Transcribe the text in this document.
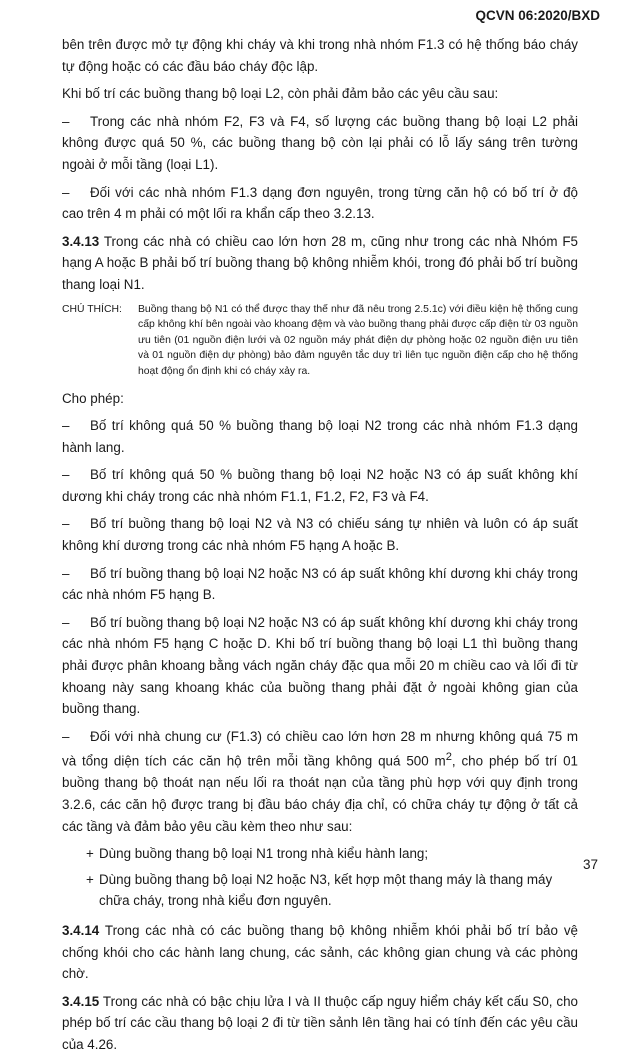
QCVN 06:2020/BXD

bên trên được mở tự động khi cháy và khi trong nhà nhóm F1.3 có hệ thống báo cháy tự động hoặc có các đầu báo cháy độc lập.

Khi bố trí các buồng thang bộ loại L2, còn phải đảm bảo các yêu cầu sau:

– Trong các nhà nhóm F2, F3 và F4, số lượng các buồng thang bộ loại L2 phải không được quá 50 %, các buồng thang bộ còn lại phải có lỗ lấy sáng trên tường ngoài ở mỗi tầng (loại L1).

– Đối với các nhà nhóm F1.3 dạng đơn nguyên, trong từng căn hộ có bố trí ở độ cao trên 4 m phải có một lối ra khẩn cấp theo 3.2.13.

3.4.13 Trong các nhà có chiều cao lớn hơn 28 m, cũng như trong các nhà Nhóm F5 hạng A hoặc B phải bố trí buồng thang bộ không nhiễm khói, trong đó phải bố trí buồng thang loại N1.

CHÚ THÍCH:	Buồng thang bộ N1 có thể được thay thế như đã nêu trong 2.5.1c) với điều kiện hệ thống cung cấp không khí bên ngoài vào khoang đệm và vào buồng thang phải được cấp điện từ 03 nguồn ưu tiên (01 nguồn điện lưới và 02 nguồn máy phát điện dự phòng hoặc 02 nguồn điện ưu tiên và 01 nguồn điện dự phòng) bảo đảm nguyên tắc duy trì liên tục nguồn điện cấp cho hệ thống hoạt động ổn định khi có cháy xảy ra.

Cho phép:

– Bố trí không quá 50 % buồng thang bộ loại N2 trong các nhà nhóm F1.3 dạng hành lang.

– Bố trí không quá 50 % buồng thang bộ loại N2 hoặc N3 có áp suất không khí dương khi cháy trong các nhà nhóm F1.1, F1.2, F2, F3 và F4.

– Bố trí buồng thang bộ loại N2 và N3 có chiếu sáng tự nhiên và luôn có áp suất không khí dương trong các nhà nhóm F5 hạng A hoặc B.

– Bố trí buồng thang bộ loại N2 hoặc N3 có áp suất không khí dương khi cháy trong các nhà nhóm F5 hạng B.

– Bố trí buồng thang bộ loại N2 hoặc N3 có áp suất không khí dương khi cháy trong các nhà nhóm F5 hạng C hoặc D. Khi bố trí buồng thang bộ loại L1 thì buồng thang phải được phân khoang bằng vách ngăn cháy đặc qua mỗi 20 m chiều cao và lối đi từ khoang này sang khoang khác của buồng thang phải đặt ở ngoài không gian của buồng thang.

– Đối với nhà chung cư (F1.3) có chiều cao lớn hơn 28 m nhưng không quá 75 m và tổng diện tích các căn hộ trên mỗi tầng không quá 500 $m^2$, cho phép bố trí 01 buồng thang bộ thoát nạn nếu lối ra thoát nạn của tầng phù hợp với quy định trong 3.2.6, các căn hộ được trang bị đầu báo cháy địa chỉ, có chữa cháy tự động ở tất cả các tầng và đảm bảo yêu cầu kèm theo như sau:

+ Dùng buồng thang bộ loại N1 trong nhà kiểu hành lang;
+ Dùng buồng thang bộ loại N2 hoặc N3, kết hợp một thang máy là thang máy chữa cháy, trong nhà kiểu đơn nguyên.

3.4.14 Trong các nhà có các buồng thang bộ không nhiễm khói phải bố trí bảo vệ chống khói cho các hành lang chung, các sảnh, các không gian chung và các phòng chờ.

3.4.15 Trong các nhà có bậc chịu lửa I và II thuộc cấp nguy hiểm cháy kết cấu S0, cho phép bố trí các cầu thang bộ loại 2 đi từ tiền sảnh lên tầng hai có tính đến các yêu cầu của 4.26.

37
